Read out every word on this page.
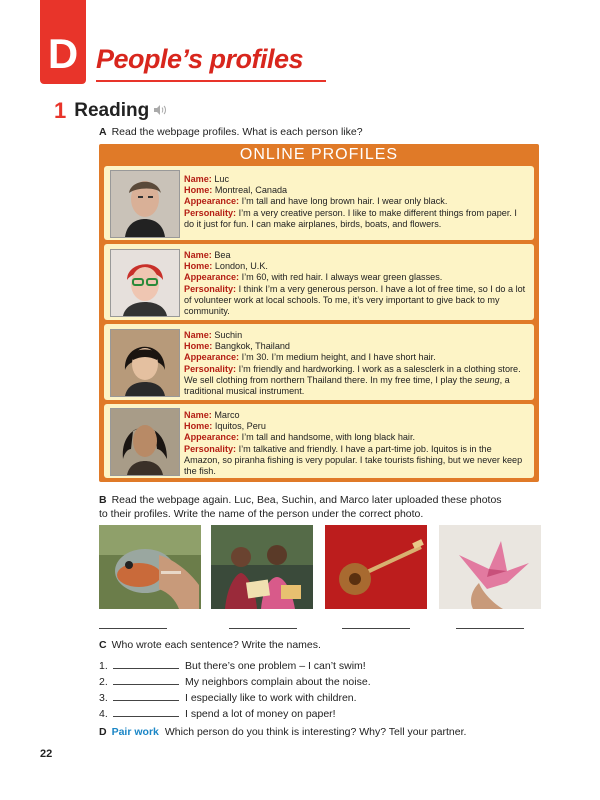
D People’s profiles
1 Reading
A Read the webpage profiles. What is each person like?
ONLINE PROFILES
Name: Luc
Home: Montreal, Canada
Appearance: I’m tall and have long brown hair. I wear only black.
Personality: I’m a very creative person. I like to make different things from paper. I do it just for fun. I can make airplanes, birds, boats, and flowers.
Name: Bea
Home: London, U.K.
Appearance: I’m 60, with red hair. I always wear green glasses.
Personality: I think I’m a very generous person. I have a lot of free time, so I do a lot of volunteer work at local schools. To me, it’s very important to give back to my community.
Name: Suchin
Home: Bangkok, Thailand
Appearance: I’m 30. I’m medium height, and I have short hair.
Personality: I’m friendly and hardworking. I work as a salesclerk in a clothing store. We sell clothing from northern Thailand there. In my free time, I play the seung, a traditional musical instrument.
Name: Marco
Home: Iquitos, Peru
Appearance: I’m tall and handsome, with long black hair.
Personality: I’m talkative and friendly. I have a part-time job. Iquitos is in the Amazon, so piranha fishing is very popular. I take tourists fishing, but we never keep the fish.
B Read the webpage again. Luc, Bea, Suchin, and Marco later uploaded these photos
to their profiles. Write the name of the person under the correct photo.
C Who wrote each sentence? Write the names.
1.	But there’s one problem – I can’t swim!
2.	My neighbors complain about the noise.
3.	I especially like to work with children.
4.	I spend a lot of money on paper!
D Pair work Which person do you think is interesting? Why? Tell your partner.
22
